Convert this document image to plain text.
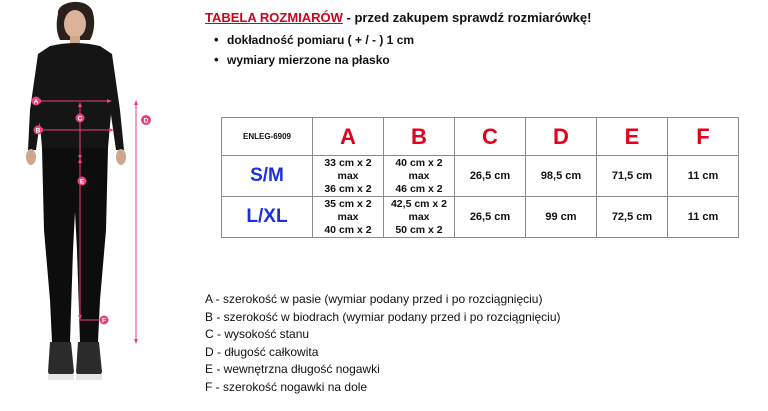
A
B
C	D
E
F
TABELA ROZMIARÓW - przed zakupem sprawdź rozmiarówkę!
• dokładność pomiaru ( + / - ) 1 cm
• wymiary mierzone na płasko
ENLEG-6909	A	B	C	D	E	F
S/M	33 cm x 2
max
36 cm x 2	40 cm x 2
max
46 cm x 2	26,5 cm	98,5 cm	71,5 cm	11 cm
L/XL	35 cm x 2
max
40 cm x 2	42,5 cm x 2
max
50 cm x 2	26,5 cm	99 cm	72,5 cm	11 cm
A - szerokość w pasie (wymiar podany przed i po rozciągnięciu)
B - szerokość w biodrach (wymiar podany przed i po rozciągnięciu)
C - wysokość stanu
D - długość całkowita
E - wewnętrzna długość nogawki
F - szerokość nogawki na dole
